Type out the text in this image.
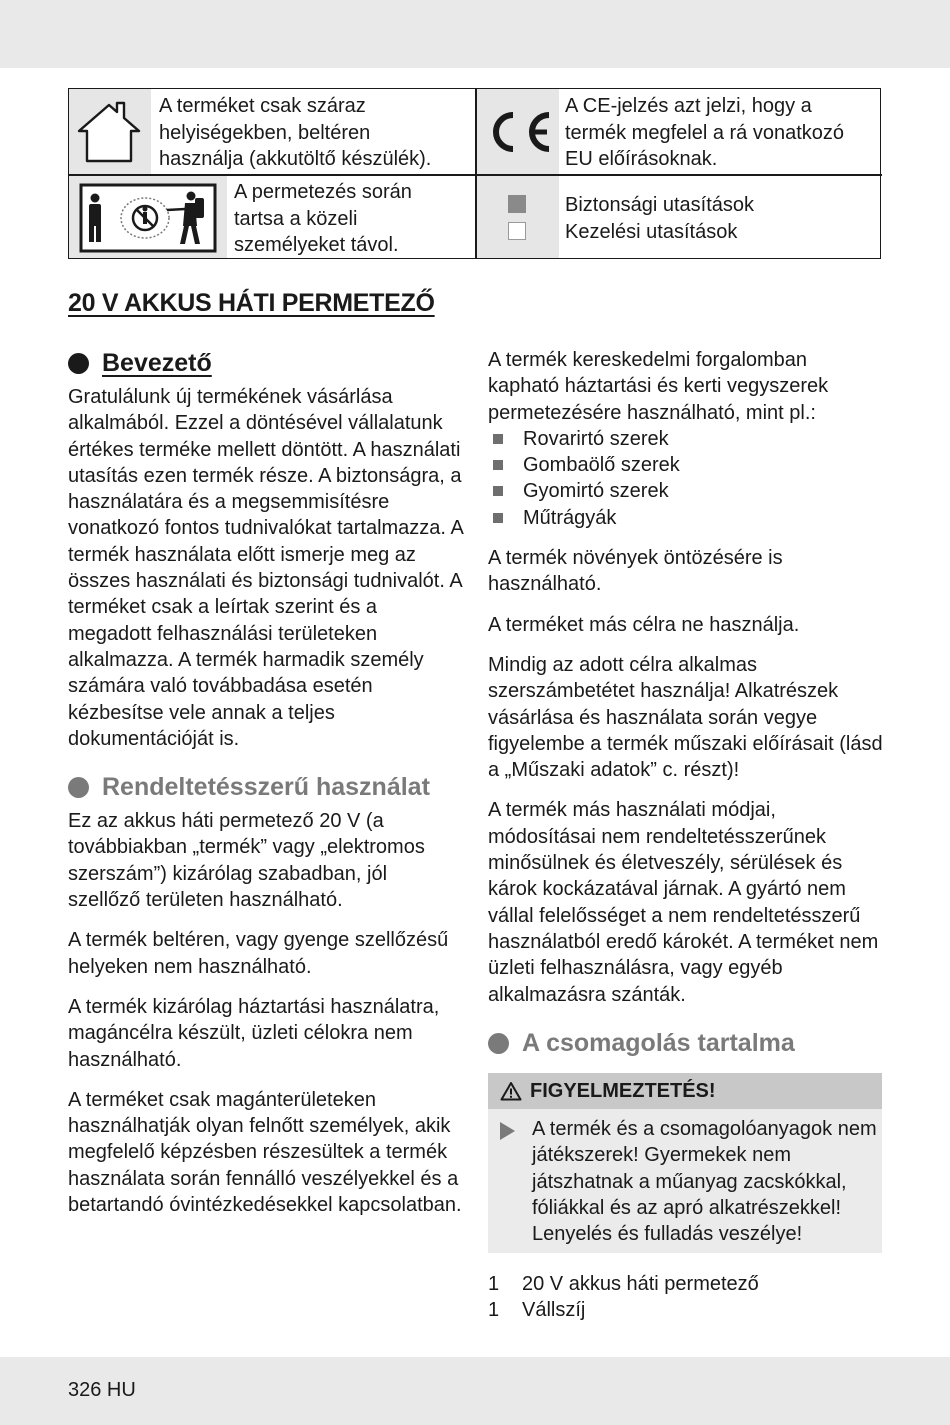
A terméket csak száraz helyiségekben, beltéren használja (akkutöltő készülék).
A CE-jelzés azt jelzi, hogy a termék megfelel a rá vonatkozó EU előírásoknak.
A permetezés során tartsa a közeli személyeket távol.
Biztonsági utasítások
Kezelési utasítások
20 V AKKUS HÁTI PERMETEZŐ
Bevezető

Gratulálunk új termékének vásárlása alkalmából. Ezzel a döntésével vállalatunk értékes terméke mellett döntött. A használati utasítás ezen termék része. A biztonságra, a használatára és a megsemmisítésre vonatkozó fontos tudnivalókat tartalmazza. A termék használata előtt ismerje meg az összes használati és biztonsági tudnivalót. A terméket csak a leírtak szerint és a megadott felhasználási területeken alkalmazza. A termék harmadik személy számára való továbbadása esetén kézbesítse vele annak a teljes dokumentációját is.

Rendeltetésszerű használat

Ez az akkus háti permetező 20 V (a továbbiakban „termék” vagy „elektromos szerszám”) kizárólag szabadban, jól szellőző területen használható.

A termék beltéren, vagy gyenge szellőzésű helyeken nem használható.

A termék kizárólag háztartási használatra, magáncélra készült, üzleti célokra nem használható.

A terméket csak magánterületeken használhatják olyan felnőtt személyek, akik megfelelő képzésben részesültek a termék használata során fennálló veszélyekkel és a betartandó óvintézkedésekkel kapcsolatban.

A termék kereskedelmi forgalomban kapható háztartási és kerti vegyszerek permetezésére használható, mint pl.:

Rovarirtó szerek
Gombaölő szerek
Gyomirtó szerek
Műtrágyák

A termék növények öntözésére is használható.

A terméket más célra ne használja.

Mindig az adott célra alkalmas szerszámbetétet használja! Alkatrészek vásárlása és használata során vegye figyelembe a termék műszaki előírásait (lásd a „Műszaki adatok” c. részt)!

A termék más használati módjai, módosításai nem rendeltetésszerűnek minősülnek és életveszély, sérülések és károk kockázatával járnak. A gyártó nem vállal felelősséget a nem rendeltetésszerű használatból eredő károkét. A terméket nem üzleti felhasználásra, vagy egyéb alkalmazásra szánták.

A csomagolás tartalma
FIGYELMEZTETÉS!
A termék és a csomagolóanyagok nem játékszerek! Gyermekek nem játszhatnak a műanyag zacskókkal, fóliákkal és az apró alkatrészekkel! Lenyelés és fulladás veszélye!
1	20 V akkus háti permetező
1	Vállszíj
326 HU
